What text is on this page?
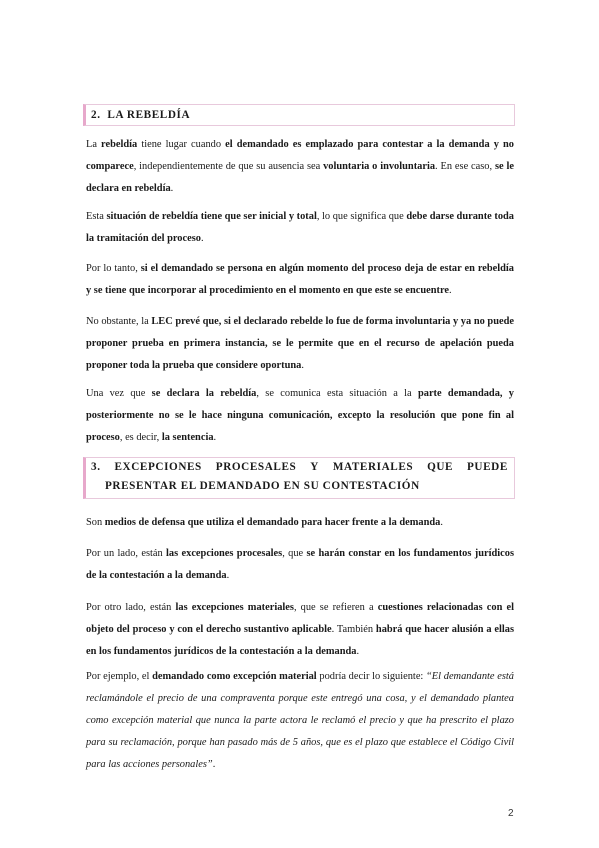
2. LA REBELDÍA

La rebeldía tiene lugar cuando el demandado es emplazado para contestar a la demanda y no comparece, independientemente de que su ausencia sea voluntaria o involuntaria. En ese caso, se le declara en rebeldía.

Esta situación de rebeldía tiene que ser inicial y total, lo que significa que debe darse durante toda la tramitación del proceso.

Por lo tanto, si el demandado se persona en algún momento del proceso deja de estar en rebeldía y se tiene que incorporar al procedimiento en el momento en que este se encuentre.

No obstante, la LEC prevé que, si el declarado rebelde lo fue de forma involuntaria y ya no puede proponer prueba en primera instancia, se le permite que en el recurso de apelación pueda proponer toda la prueba que considere oportuna.

Una vez que se declara la rebeldía, se comunica esta situación a la parte demandada, y posteriormente no se le hace ninguna comunicación, excepto la resolución que pone fin al proceso, es decir, la sentencia.

3. EXCEPCIONES PROCESALES Y MATERIALES QUE PUEDE
PRESENTAR EL DEMANDADO EN SU CONTESTACIÓN

Son medios de defensa que utiliza el demandado para hacer frente a la demanda.

Por un lado, están las excepciones procesales, que se harán constar en los fundamentos jurídicos de la contestación a la demanda.

Por otro lado, están las excepciones materiales, que se refieren a cuestiones relacionadas con el objeto del proceso y con el derecho sustantivo aplicable. También habrá que hacer alusión a ellas en los fundamentos jurídicos de la contestación a la demanda.

Por ejemplo, el demandado como excepción material podría decir lo siguiente: “El demandante está reclamándole el precio de una compraventa porque este entregó una cosa, y el demandado plantea como excepción material que nunca la parte actora le reclamó el precio y que ha prescrito el plazo para su reclamación, porque han pasado más de 5 años, que es el plazo que establece el Código Civil para las acciones personales”.

2
